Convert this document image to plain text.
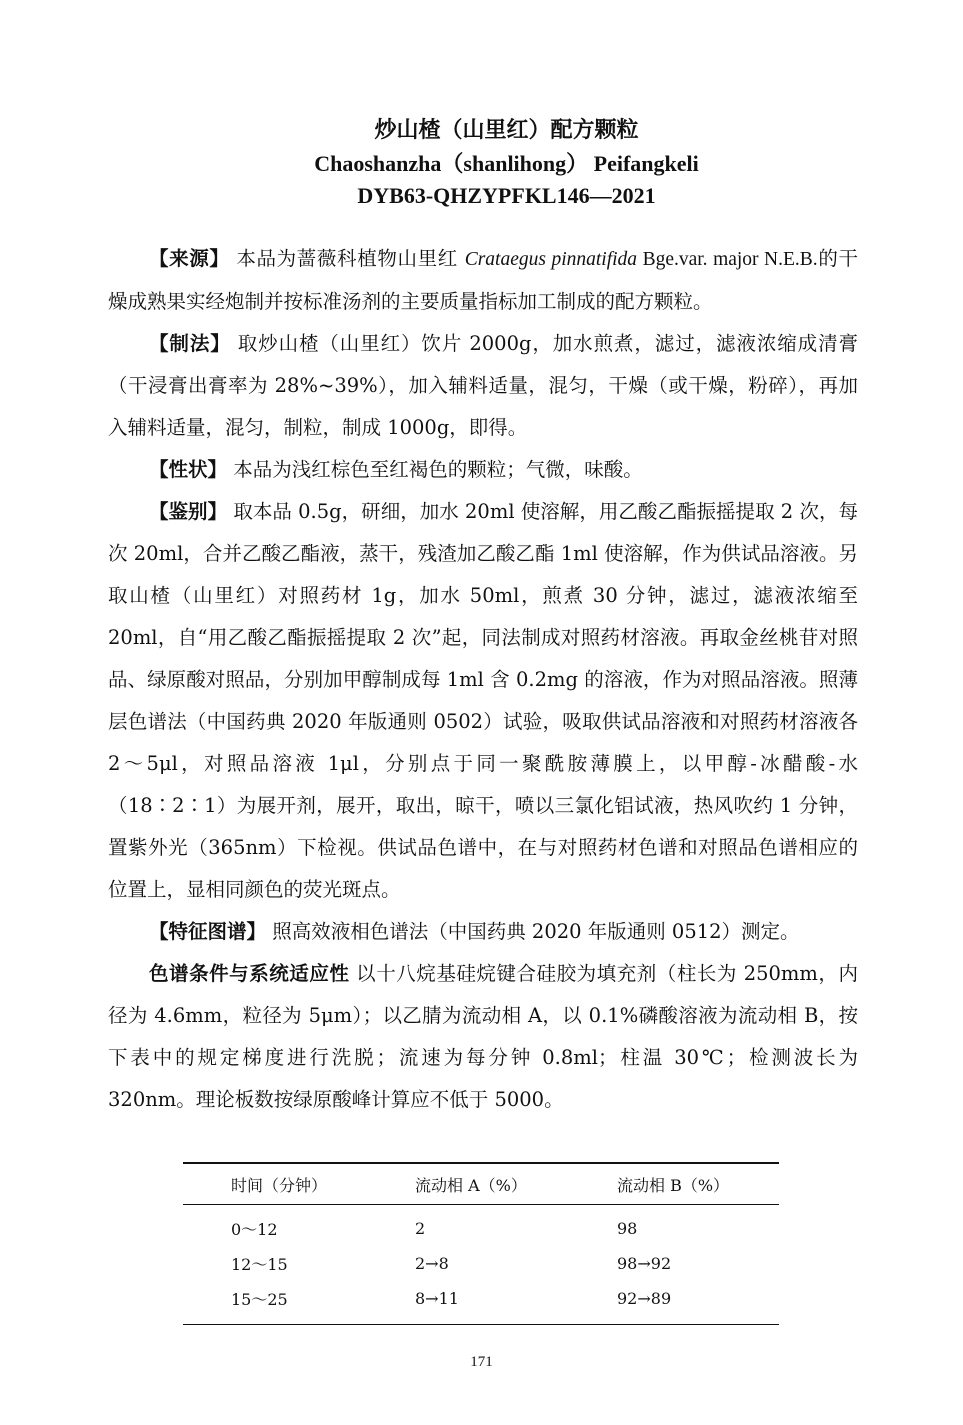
炒山楂（山里红）配方颗粒
Chaoshanzha（shanlihong） Peifangkeli
DYB63-QHZYPFKL146—2021

【来源】 本品为蔷薇科植物山里红 Crataegus pinnatifida Bge.var. major N.E.B.的干燥成熟果实经炮制并按标准汤剂的主要质量指标加工制成的配方颗粒。

【制法】 取炒山楂（山里红）饮片 2000g，加水煎煮，滤过，滤液浓缩成清膏（干浸膏出膏率为 28%~39%），加入辅料适量，混匀，干燥（或干燥，粉碎），再加入辅料适量，混匀，制粒，制成 1000g，即得。

【性状】 本品为浅红棕色至红褐色的颗粒；气微，味酸。

【鉴别】 取本品 0.5g，研细，加水 20ml 使溶解，用乙酸乙酯振摇提取 2 次，每次 20ml，合并乙酸乙酯液，蒸干，残渣加乙酸乙酯 1ml 使溶解，作为供试品溶液。另取山楂（山里红）对照药材 1g，加水 50ml，煎煮 30 分钟，滤过，滤液浓缩至 20ml，自“用乙酸乙酯振摇提取 2 次”起，同法制成对照药材溶液。再取金丝桃苷对照品、绿原酸对照品，分别加甲醇制成每 1ml 含 0.2mg 的溶液，作为对照品溶液。照薄层色谱法（中国药典 2020 年版通则 0502）试验，吸取供试品溶液和对照药材溶液各 2～5μl，对照品溶液 1μl，分别点于同一聚酰胺薄膜上，以甲醇-冰醋酸-水（18∶2∶1）为展开剂，展开，取出，晾干，喷以三氯化铝试液，热风吹约 1 分钟，置紫外光（365nm）下检视。供试品色谱中，在与对照药材色谱和对照品色谱相应的位置上，显相同颜色的荧光斑点。

【特征图谱】 照高效液相色谱法（中国药典 2020 年版通则 0512）测定。

色谱条件与系统适应性 以十八烷基硅烷键合硅胶为填充剂（柱长为 250mm，内径为 4.6mm，粒径为 5μm）；以乙腈为流动相 A，以 0.1%磷酸溶液为流动相 B，按下表中的规定梯度进行洗脱；流速为每分钟 0.8ml；柱温 30℃；检测波长为 320nm。理论板数按绿原酸峰计算应不低于 5000。

时间（分钟）	流动相 A（%）	流动相 B（%）
0～12	2	98
12～15	2→8	98→92
15～25	8→11	92→89
171
